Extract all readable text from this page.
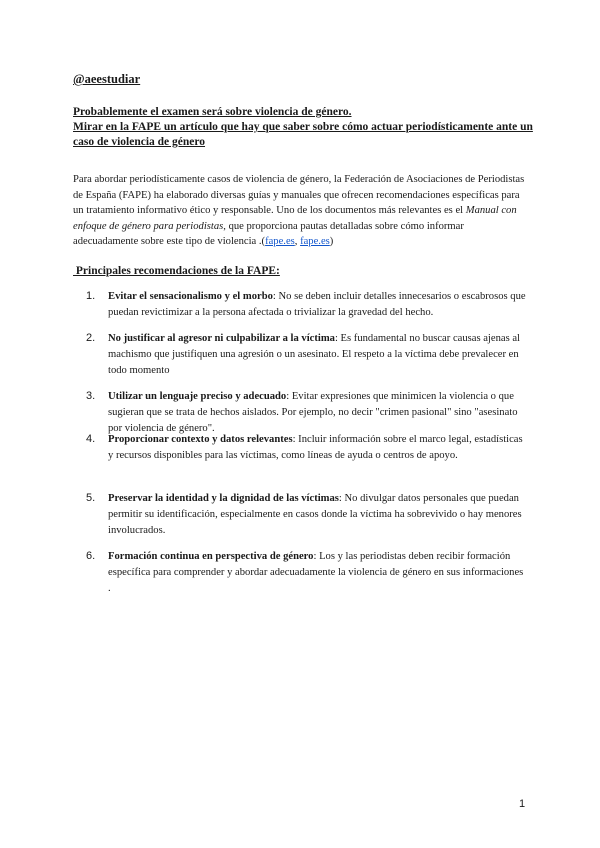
@aeestudiar
Probablemente el examen será sobre violencia de género.
Mirar en la FAPE un artículo que hay que saber sobre cómo actuar periodísticamente ante un caso de violencia de género
Para abordar periodísticamente casos de violencia de género, la Federación de Asociaciones de Periodistas de España (FAPE) ha elaborado diversas guías y manuales que ofrecen recomendaciones específicas para un tratamiento informativo ético y responsable. Uno de los documentos más relevantes es el Manual con enfoque de género para periodistas, que proporciona pautas detalladas sobre cómo informar adecuadamente sobre este tipo de violencia .(fape.es, fape.es)
Principales recomendaciones de la FAPE:
1. Evitar el sensacionalismo y el morbo: No se deben incluir detalles innecesarios o escabrosos que puedan revictimizar a la persona afectada o trivializar la gravedad del hecho.
2. No justificar al agresor ni culpabilizar a la víctima: Es fundamental no buscar causas ajenas al machismo que justifiquen una agresión o un asesinato. El respeto a la víctima debe prevalecer en todo momento
3. Utilizar un lenguaje preciso y adecuado: Evitar expresiones que minimicen la violencia o que sugieran que se trata de hechos aislados. Por ejemplo, no decir "crimen pasional" sino "asesinato por violencia de género".
4. Proporcionar contexto y datos relevantes: Incluir información sobre el marco legal, estadísticas y recursos disponibles para las víctimas, como líneas de ayuda o centros de apoyo.
5. Preservar la identidad y la dignidad de las víctimas: No divulgar datos personales que puedan permitir su identificación, especialmente en casos donde la víctima ha sobrevivido o hay menores involucrados.
6. Formación continua en perspectiva de género: Los y las periodistas deben recibir formación específica para comprender y abordar adecuadamente la violencia de género en sus informaciones .
1
